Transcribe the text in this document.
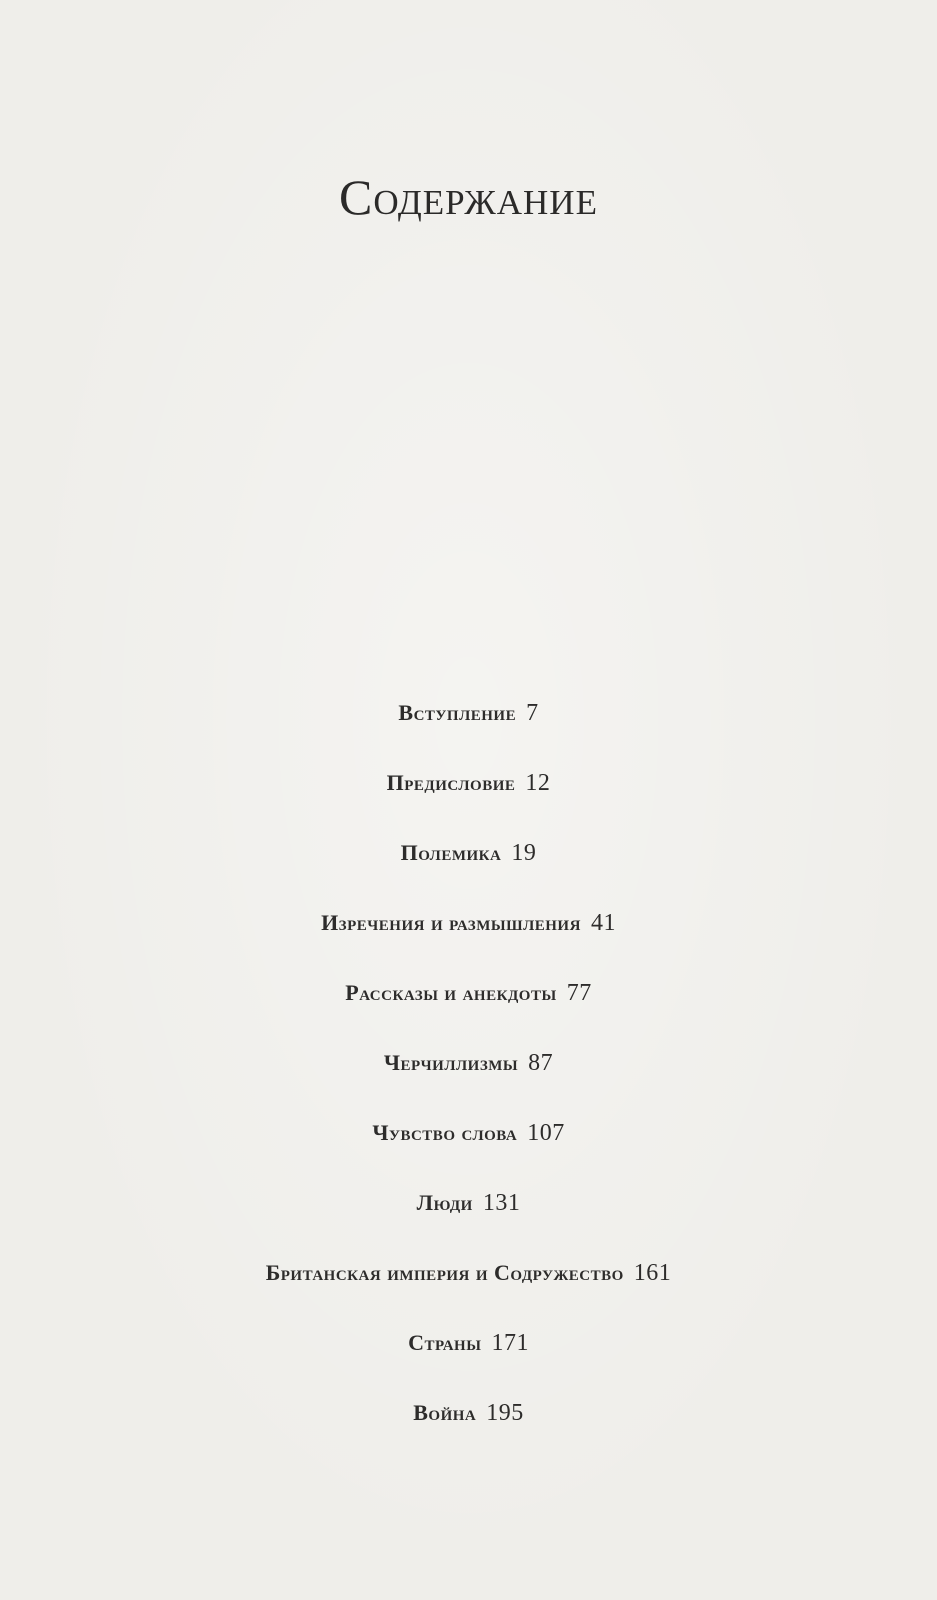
Содержание
Вступление 7
Предисловие 12
Полемика 19
Изречения и размышления 41
Рассказы и анекдоты 77
Черчиллизмы 87
Чувство слова 107
Люди 131
Британская империя и Содружество 161
Страны 171
Война 195
